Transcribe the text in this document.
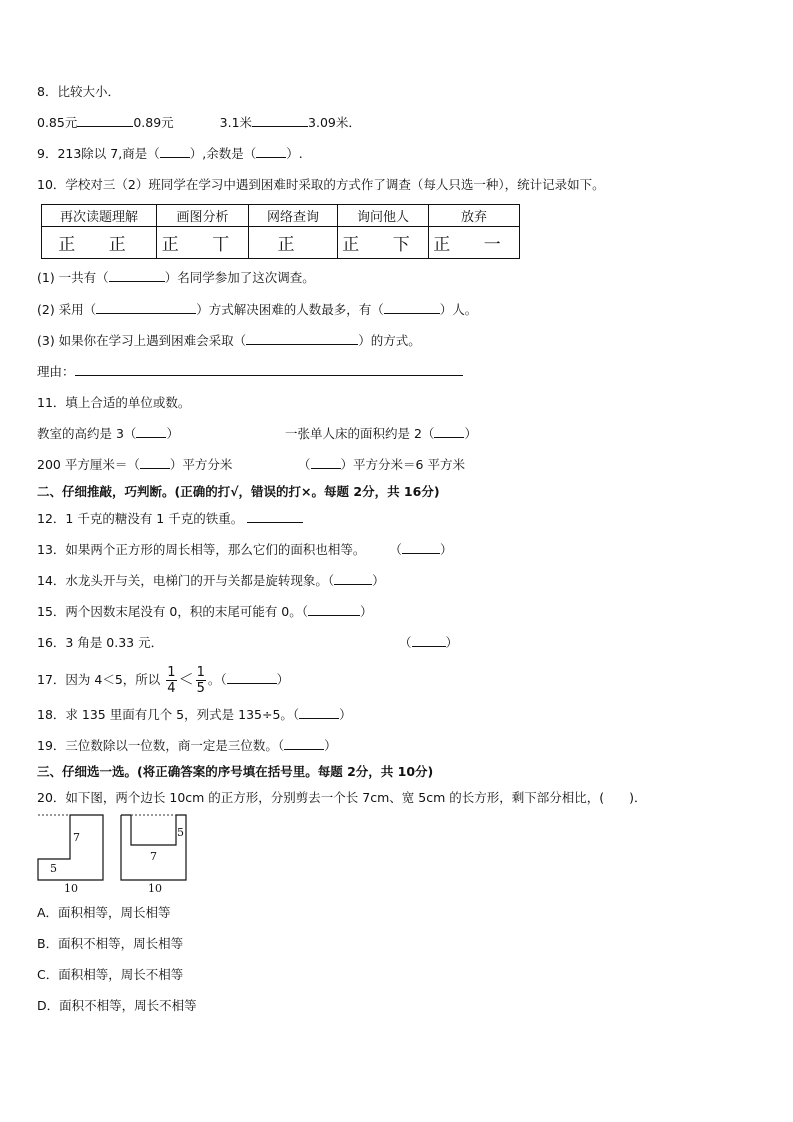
8．比较大小．
0.85元	0.89元	3.1米	3.09米．
9．213除以 7,商是（ ）,余数是（ ）.
10．学校对三（2）班同学在学习中遇到困难时采取的方式作了调查（每人只选一种），统计记录如下。
再次读题理解	画图分析	网络查询	询问他人	放弃
正 正	正 丅	正	正 下	正 一
(1) 一共有（	）名同学参加了这次调查。
(2) 采用（	）方式解决困难的人数最多，有（	）人。
(3) 如果你在学习上遇到困难会采取（	）的方式。
理由：
11．填上合适的单位或数。
教室的高约是 3（ ）	一张单人床的面积约是 2（ ）
200 平方厘米＝（ ）平方分米	（ ）平方分米＝6 平方米
二、仔细推敲，巧判断。(正确的打√，错误的打×。每题 2分，共 16分)
12．1 千克的糖没有 1 千克的铁重。
13．如果两个正方形的周长相等，那么它们的面积也相等。 （	）
14．水龙头开与关，电梯门的开与关都是旋转现象。（	）
15．两个因数末尾没有 0，积的末尾可能有 0。（	）
16．3 角是 0.33 元．	（	）
17．因为 4＜5，所以 $\frac{1}{4} < \frac{1}{5}$ 。（	）
18．求 135 里面有几个 5，列式是 135÷5。（	）
19．三位数除以一位数，商一定是三位数。（	）
三、仔细选一选。(将正确答案的序号填在括号里。每题 2分，共 10分)
20．如下图，两个边长 10cm 的正方形，分别剪去一个长 7cm、宽 5cm 的长方形，剩下部分相比，(　　)．
7
5
10
5
7
10
A．面积相等，周长相等
B．面积不相等，周长相等
C．面积相等，周长不相等
D．面积不相等，周长不相等
